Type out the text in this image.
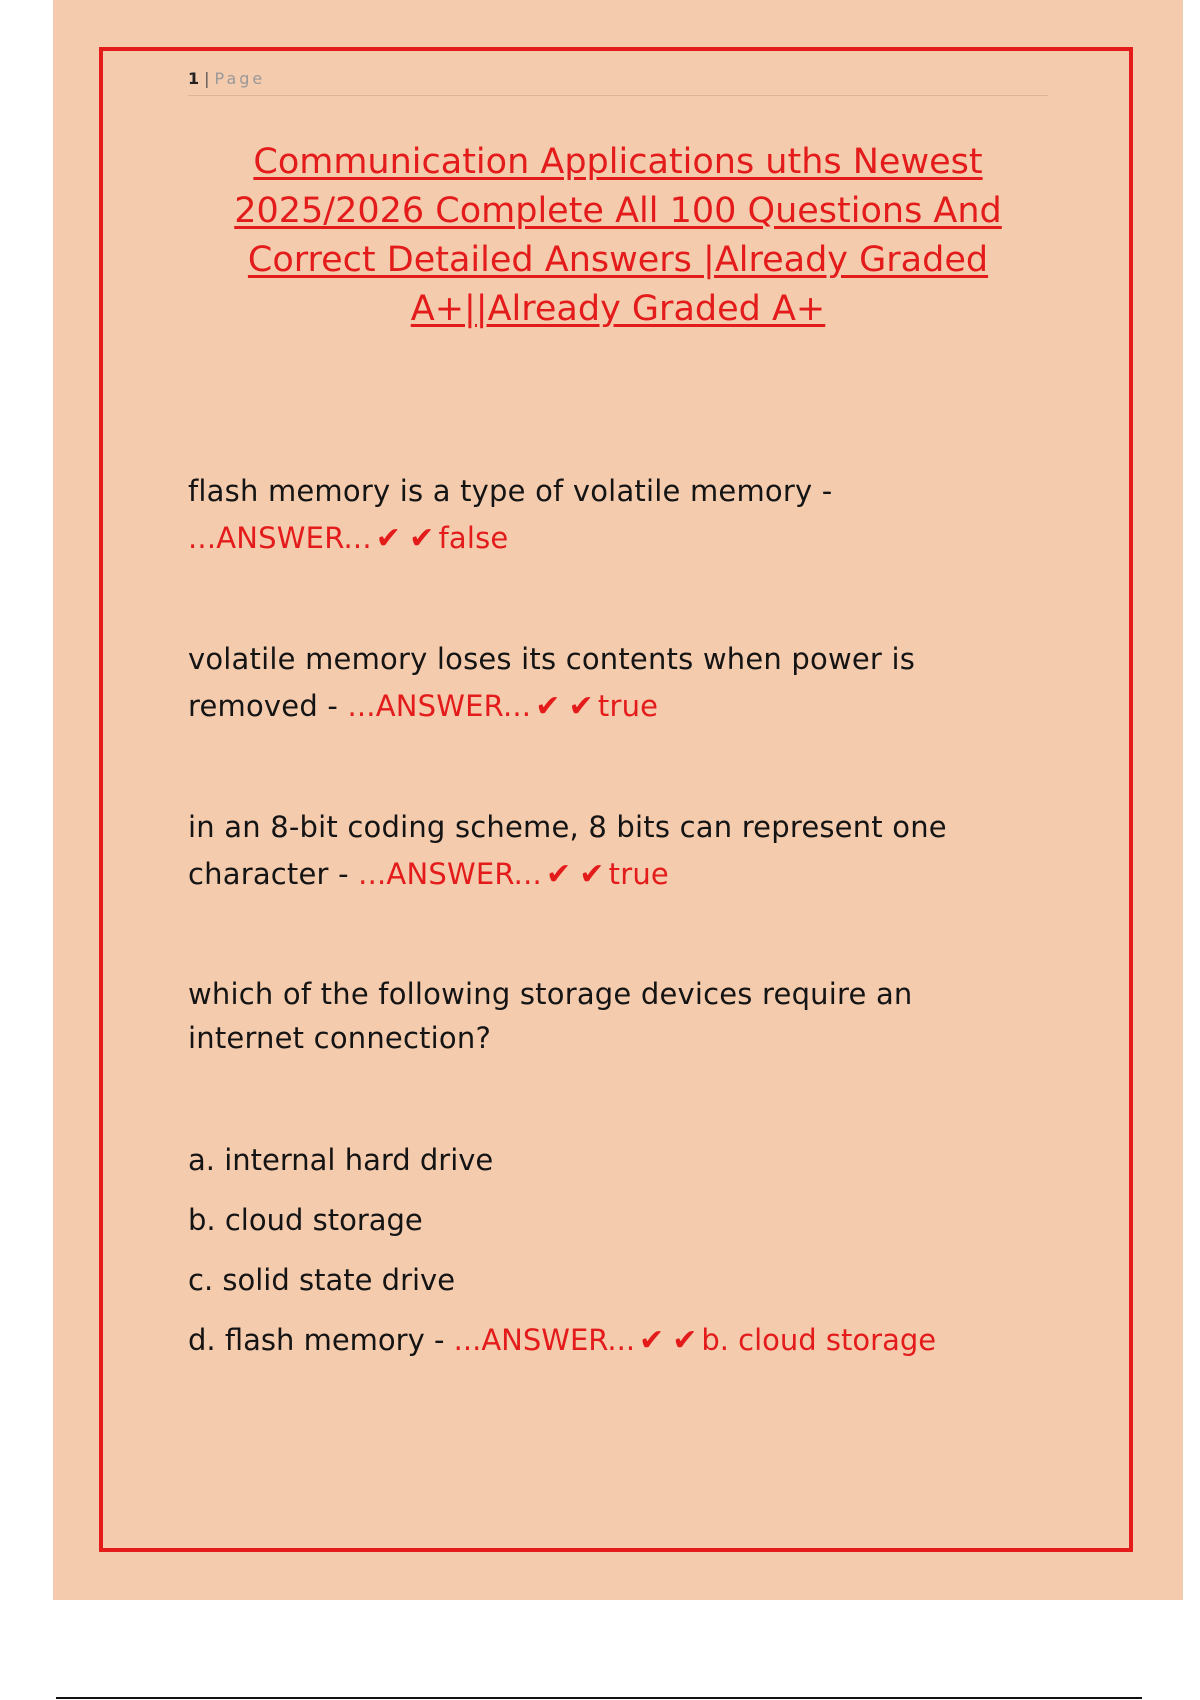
1 | Page
Communication Applications uths Newest
2025/2026 Complete All 100 Questions And
Correct Detailed Answers |Already Graded
A+||Already Graded A+
flash memory is a type of volatile memory -
...ANSWER... ✔ ✔ false
volatile memory loses its contents when power is
removed - ...ANSWER... ✔ ✔ true
in an 8-bit coding scheme, 8 bits can represent one
character - ...ANSWER... ✔ ✔ true
which of the following storage devices require an
internet connection?
a. internal hard drive
b. cloud storage
c. solid state drive
d. flash memory - ...ANSWER... ✔ ✔ b. cloud storage
